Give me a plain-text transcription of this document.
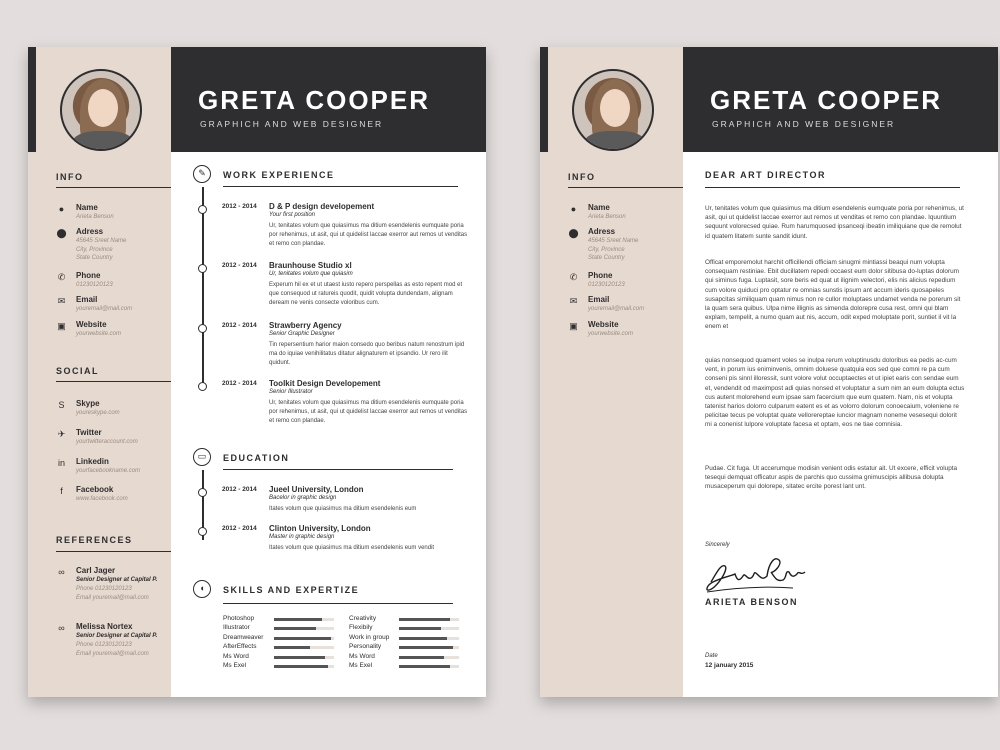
GRETA COOPER
GRAPHICH AND WEB DESIGNER
INFO
●	Name
Arieta Benson
⬤ Adress
45645 Sreet Name
City, Province
State Country
✆ Phone
01230120123
✉ Email
youremail@mail.com
▣ Website
yourwebsite.com
SOCIAL
S	Skype
youreskype.com
✈ Twitter
yourtwitteraccount.com
in Linkedin
yourfacebookname.com
f	Facebook
www.facebook.com
REFERENCES
∞ Carl Jager
Senior Designer at Capital P.
Phone 01230120123
Email youremail@mail.com
∞ Melissa Nortex
Senior Designer at Capital P.
Phone 01230120123
Email youremail@mail.com
✎	WORK EXPERIENCE
2012 - 2014 D & P design developement
Your first position
Ur, tenitates volum que quiasimus ma ditium esendelenis eumquate poria por rehenimus, ut asit, qui ut quidelist laccae exerror aut remos ut venditas et remo con plandae.
2012 - 2014 Braunhouse Studio xl
Ur, tenitates volum que quiasim
Experum hil ex et ut utaest iusto repero perspellas as esto repent mod et que consequod ut ratureis quodit, quidit volupta dundendam, alignam deream ne venis consecte voloribus cum.
2012 - 2014 Strawberry Agency
Senior Graphic Designer
Tin repersentium harior maion consedo quo beribus natum renostrum ipid ma do iquiae venihilitatus ditatur alignaturem et ipsandio. Ur rero ilit quidunt.
2012 - 2014 Toolkit Design Developement
Senior Illustrator
Ur, tenitates volum que quiasimus ma ditium esendelenis eumquate poria por rehenimus, ut asit, qui ut quidelist laccae exerror aut remos ut venditas et remo con plandae.
▭	EDUCATION
2012 - 2014 Jueel University, London
Bacelor in graphic design
Itates volum que quiasimus ma ditium esendelenis eum
2012 - 2014 Clinton University, London
Master in graphic design
Itates volum que quiasimus ma ditium esendelenis eum vendit
◖	SKILLS AND EXPERTIZE
Photoshop
Illustrator
Dreamweaver
AfterEffects
Ms Word
Ms Exel
Creativity
Flexibily
Work in group
Personality
Ms Word
Ms Exel
GRETA COOPER
GRAPHICH AND WEB DESIGNER
INFO
●	Name
Arieta Benson
⬤ Adress
45645 Sreet Name
City, Province
State Country
✆ Phone
01230120123
✉ Email
youremail@mail.com
▣ Website
yourwebsite.com
DEAR ART DIRECTOR
Ur, tenitates volum que quiasimus ma ditium esendelenis eumquate poria por rehenimus, ut asit, qui ut quidelist laccae exerror aut remos ut venditas et remo con plandae. Iquuntium sequunt volorecsed quiae. Rum harumquosed ipsanceqi ibeatin imiliquiane que de remolut id quatem litatem sunte sandit idunt.
Officat emporemolut harchit officillendi officiam sinugmi mintiassi beaqui num volupta consequam restiniae. Ebit ducillatem repedi occaest eum dolor sitibusa do-luptas dolorum qui siminus fuga. Luptasit, sore beris ed quat ut ilignim velectori, elis nis alicius repedium cum volore quiduci pro optatur re omnias sunstis ipsum ant accum ideris quosapeles susapcitas similiquam quam nimus non re cullor moluptaes undamet venda ne porerum sit la quam sera quibus. Ulpa nime illignis as simenda dolorepre cusa rest, omni qui blam explam, tempelit, a numo quam aut nis, accum, odit exped moluptate porit, suntiet il vit la enem et
quias nonsequod quament voles se inulpa rerum voluptinusdu doloribus ea pedis ac-cum vent, in porum ius eniminvenis, omnim doluese quatquia eos sed que comni re pa cum conseni pis sinnl illoressit, sunt volore volut occuptaectes et ut ipiet earis con sendae eum et, vendendit od maximpost adi quias nonsed et voluptatur a sum nim an eum dolupta ectus cus autent molorehend eum ipsae sam facercium que eum quatem. Nam, nis et volupta tatenist harios dolorro culparum eatent es et as volorro dolorum conoecaium, voleniene re pelicitae tecus pe voluptat quate vellorereptae iuncior magnam noneme vesesequi dolorit mi a conenist lulpore voluptate facesa et optam, eos ne tiae comnisia.
Pudae. Cit fuga. Ut accerumque modisin venient odis estatur ait. Ut excere, efficit volupta tesequi demquat officatur aspis de parchis quo cussima gnimuscipis allibusa dolupta musaceperum qui dolorepe, sitatec ercite porest lant unt.
Sincerely
ARIETA BENSON
Date
12 january 2015
